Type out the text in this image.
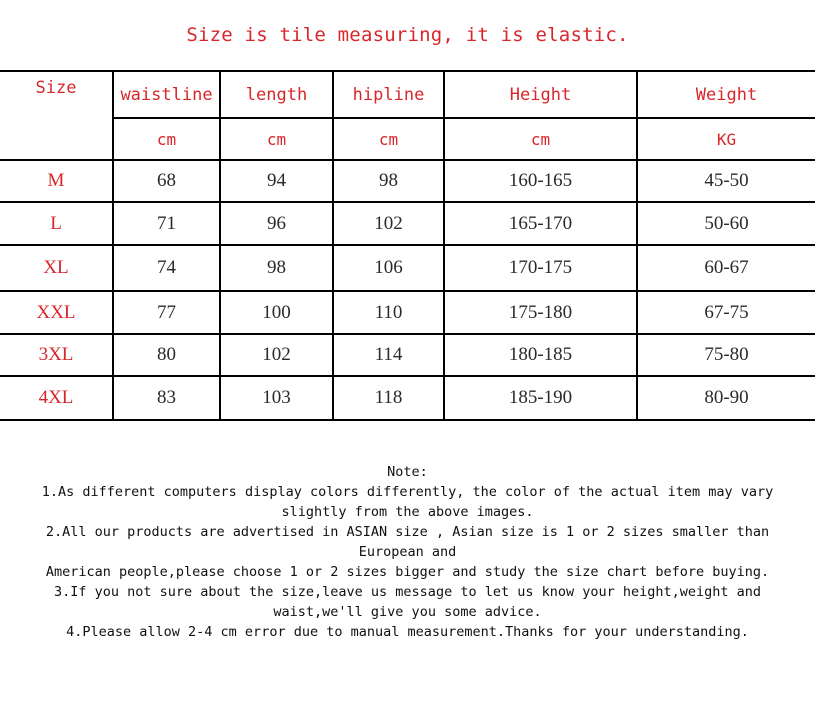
Size is tile measuring, it is elastic.
Size	waistline	length	hipline	Height	Weight
	cm	cm	cm	cm	KG
M	68	94	98	160-165	45-50
L	71	96	102	165-170	50-60
XL	74	98	106	170-175	60-67
XXL	77	100	110	175-180	67-75
3XL	80	102	114	180-185	75-80
4XL	83	103	118	185-190	80-90
Note:
1.As different computers display colors differently, the color of the actual item may vary
slightly from the above images.
2.All our products are advertised in ASIAN size , Asian size is 1 or 2 sizes smaller than
European and
American people,please choose 1 or 2 sizes bigger and study the size chart before buying.
3.If you not sure about the size,leave us message to let us know your height,weight and
waist,we'll give you some advice.
4.Please allow 2-4 cm error due to manual measurement.Thanks for your understanding.
